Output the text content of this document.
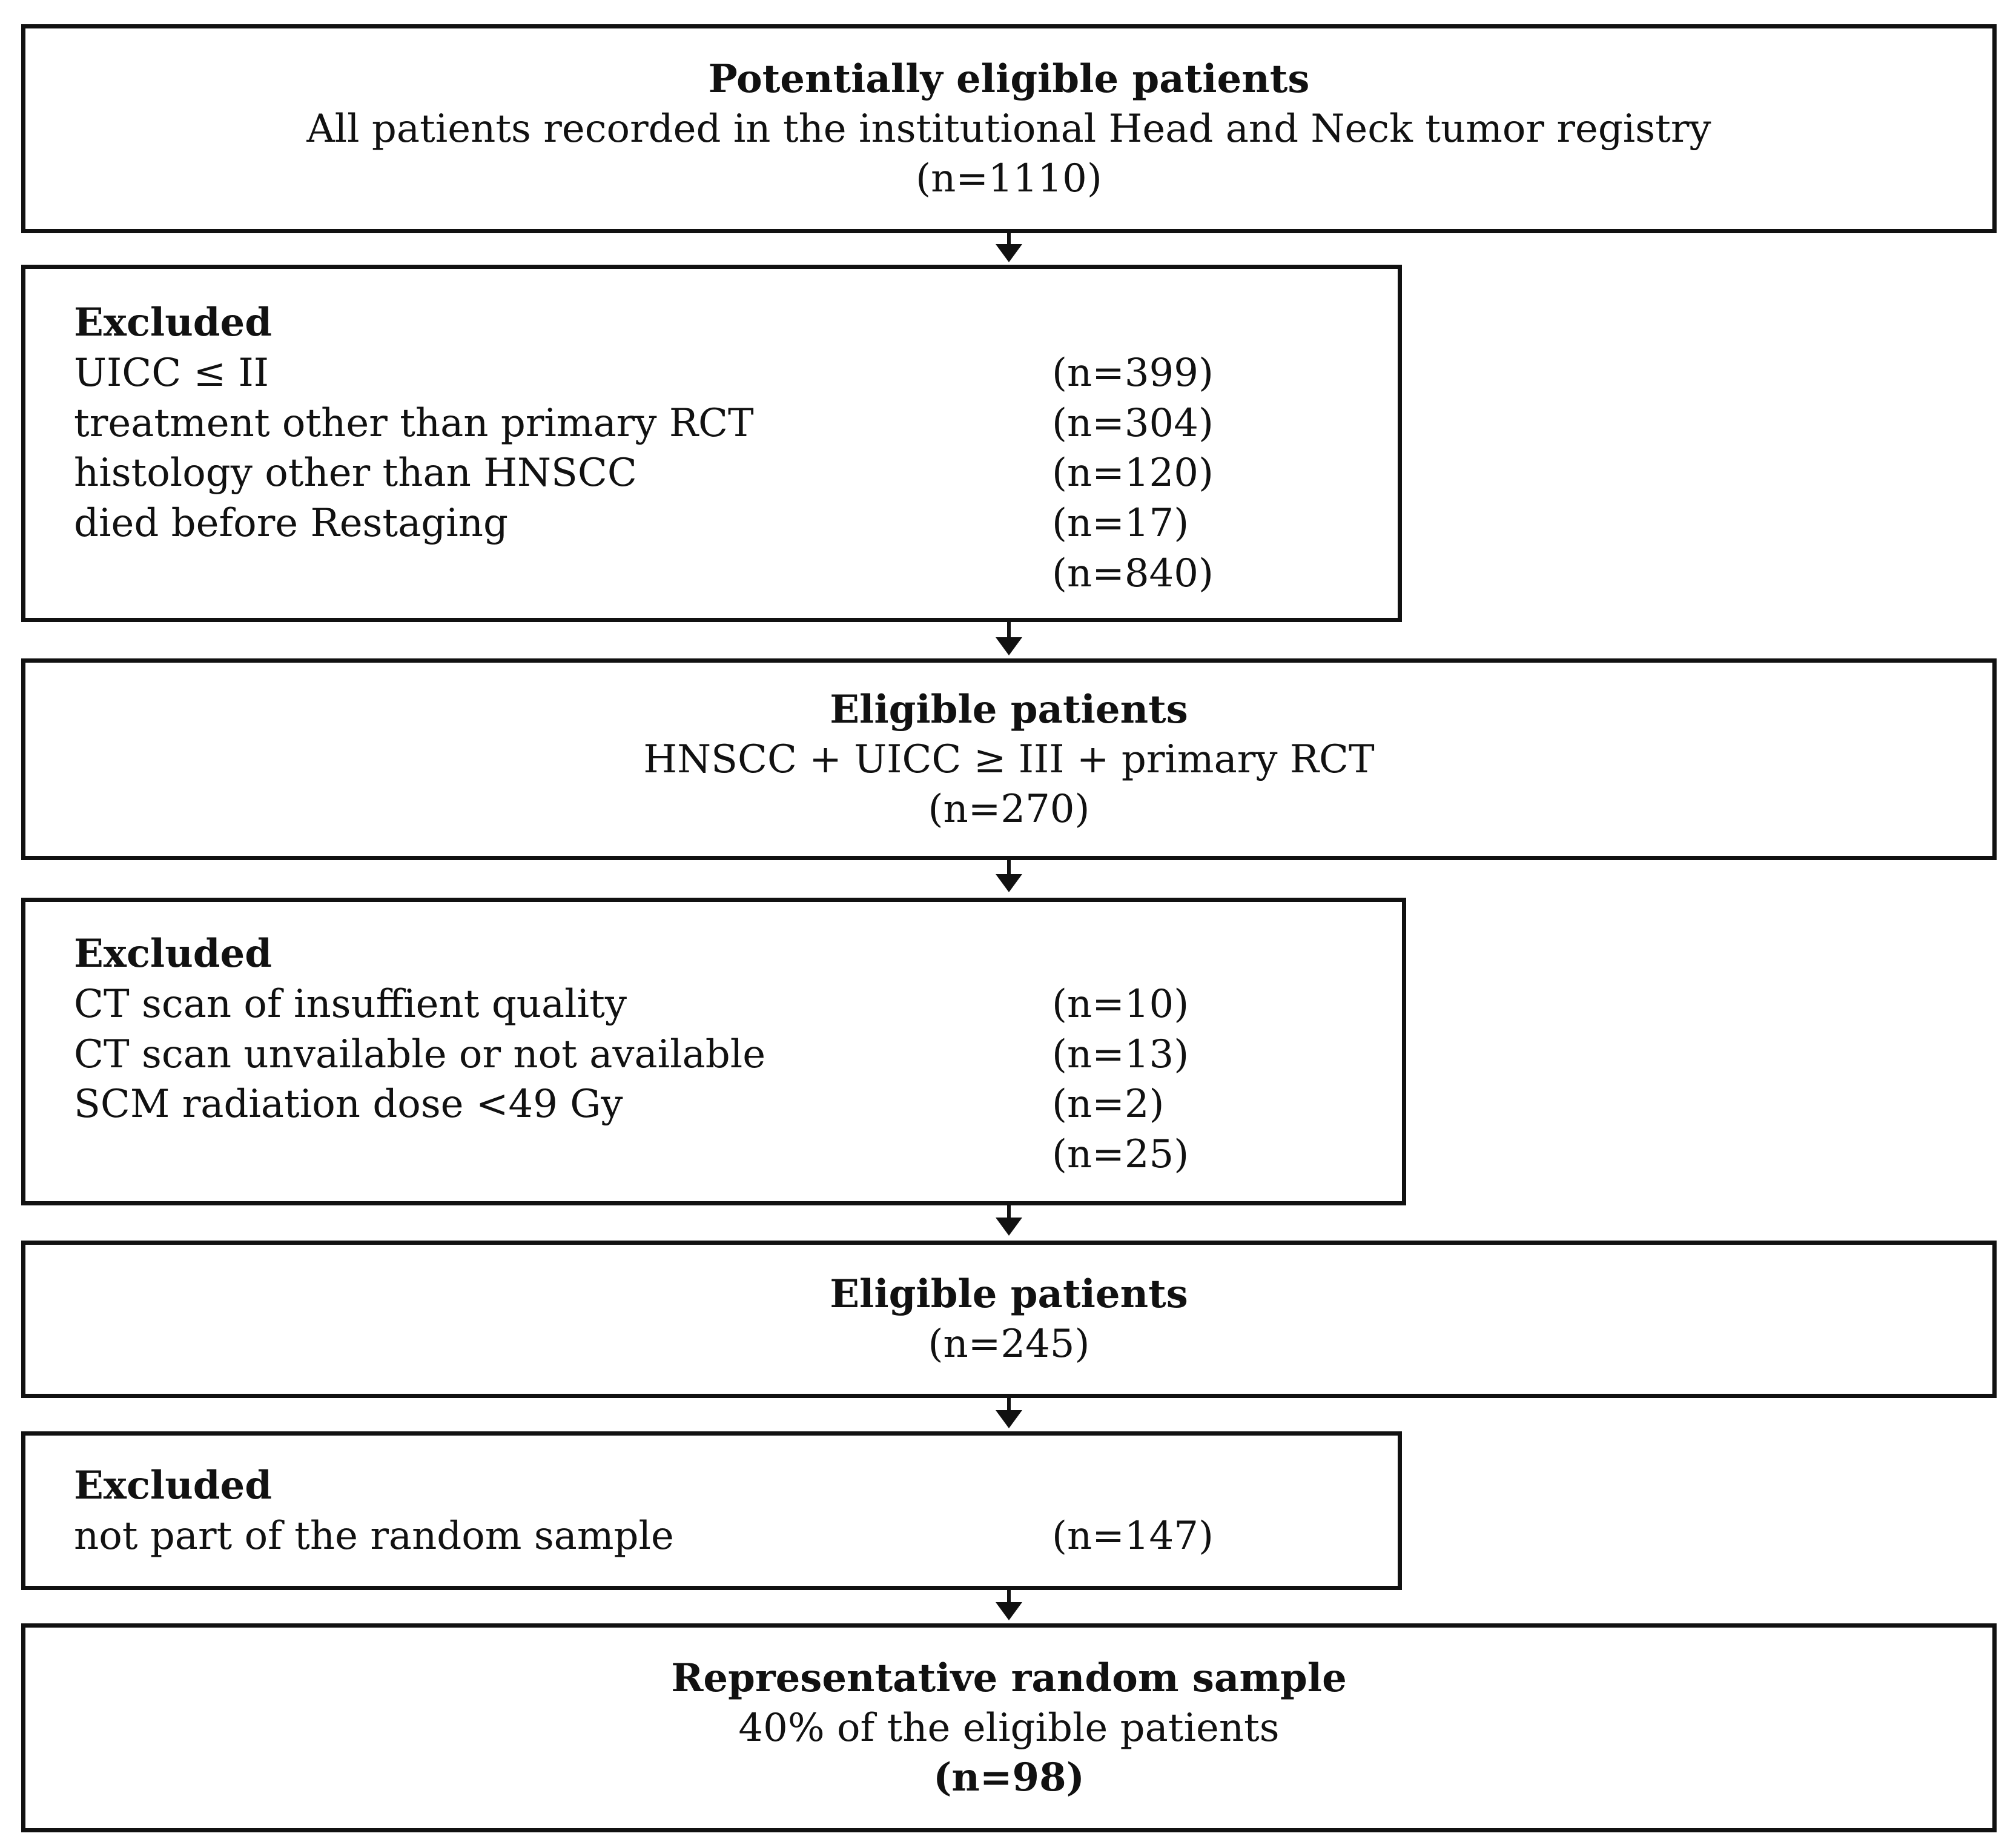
Potentially eligible patients
All patients recorded in the institutional Head and Neck tumor registry
(n=1110)
Excluded
UICC ≤ II	(n=399)
treatment other than primary RCT	(n=304)
histology other than HNSCC	(n=120)
died before Restaging	(n=17)
(n=840)
Eligible patients
HNSCC + UICC ≥ III + primary RCT
(n=270)
Excluded
CT scan of insuffient quality	(n=10)
CT scan unvailable or not available	(n=13)
SCM radiation dose <49 Gy	(n=2)
(n=25)
Eligible patients
(n=245)
Excluded
not part of the random sample	(n=147)
Representative random sample
40% of the eligible patients
(n=98)
